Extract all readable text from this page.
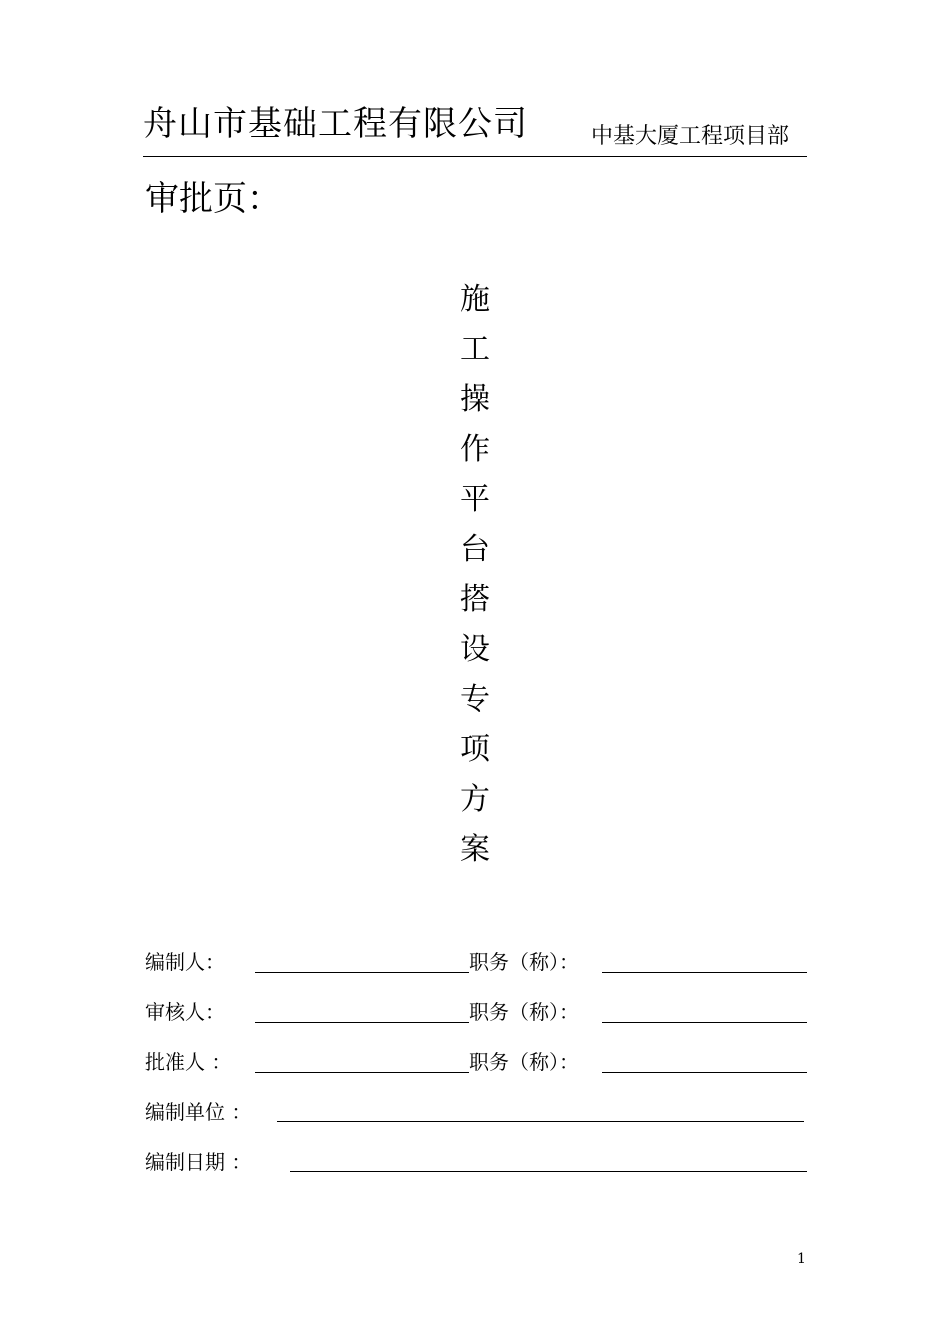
舟山市基础工程有限公司	中基大厦工程项目部
审批页：
施
工
操
作
平
台
搭
设
专
项
方
案
编制人：	职务（称）：
审核人：	职务（称）：
批准人 ：	职务（称）：
编制单位 ：
编制日期 ：
1
